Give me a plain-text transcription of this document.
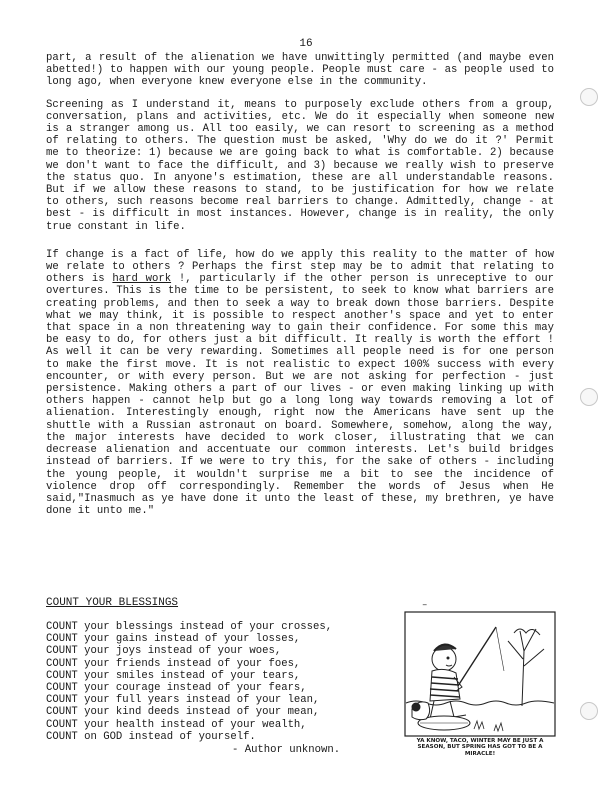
16

part, a result of the alienation we have unwittingly permitted (and maybe even abetted!) to happen with our young people. People must care - as people used to long ago, when everyone knew everyone else in the community.

Screening as I understand it, means to purposely exclude others from a group, conversation, plans and activities, etc. We do it especially when someone new is a stranger among us. All too easily, we can resort to screening as a method of relating to others. The question must be asked, 'Why do we do it ?' Permit me to theorize: 1) because we are going back to what is comfortable. 2) because we don't want to face the difficult, and 3) because we really wish to preserve the status quo. In anyone's estimation, these are all understandable reasons. But if we allow these reasons to stand, to be justification for how we relate to others, such reasons become real barriers to change. Admittedly, change - at best - is difficult in most instances. However, change is in reality, the only true constant in life.

If change is a fact of life, how do we apply this reality to the matter of how we relate to others ? Perhaps the first step may be to admit that relating to others is hard work !, particularly if the other person is unreceptive to our overtures. This is the time to be persistent, to seek to know what barriers are creating problems, and then to seek a way to break down those barriers. Despite what we may think, it is possible to respect another's space and yet to enter that space in a non threatening way to gain their confidence. For some this may be easy to do, for others just a bit difficult. It really is worth the effort ! As well it can be very rewarding. Sometimes all people need is for one person to make the first move. It is not realistic to expect 100% success with every encounter, or with every person. But we are not asking for perfection - just persistence. Making others a part of our lives - or even making linking up with others happen - cannot help but go a long long way towards removing a lot of alienation. Interestingly enough, right now the Americans have sent up the shuttle with a Russian astronaut on board. Somewhere, somehow, along the way, the major interests have decided to work closer, illustrating that we can decrease alienation and accentuate our common interests. Let's build bridges instead of barriers. If we were to try this, for the sake of others - including the young people, it wouldn't surprise me a bit to see the incidence of violence drop off correspondingly. Remember the words of Jesus when He said,"Inasmuch as ye have done it unto the least of these, my brethren, ye have done it unto me."

COUNT YOUR BLESSINGS
COUNT your blessings instead of your crosses,
COUNT your gains instead of your losses,
COUNT your joys instead of your woes,
COUNT your friends instead of your foes,
COUNT your smiles instead of your tears,
COUNT your courage instead of your fears,
COUNT your full years instead of your lean,
COUNT your kind deeds instead of your mean,
COUNT your health instead of your wealth,
COUNT on GOD instead of yourself.
- Author unknown.
–
YA KNOW, TACO, WINTER MAY BE JUST A SEASON, BUT SPRING HAS GOT TO BE A MIRACLE!
